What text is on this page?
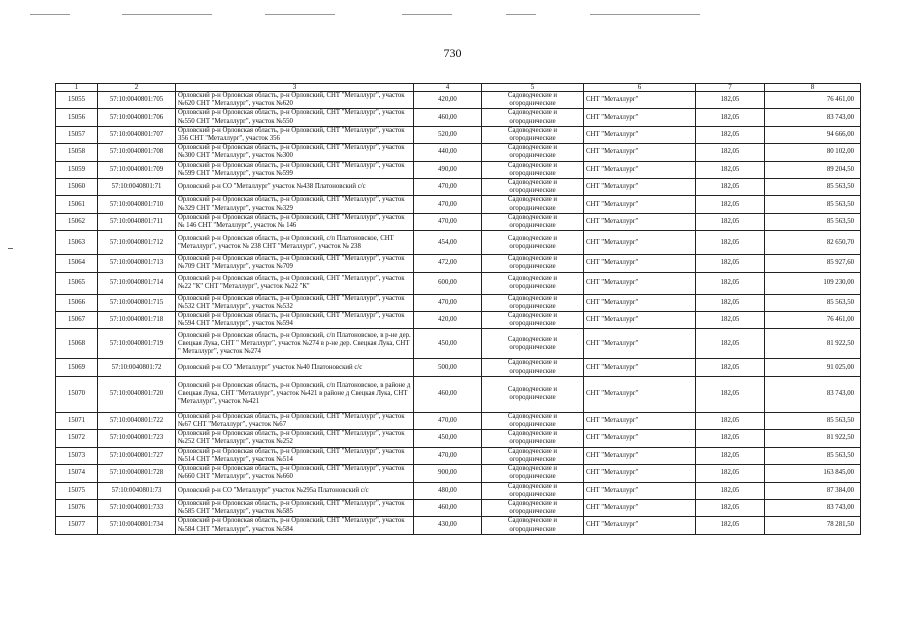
730
1	2	3	4	5	6	7	8
15055	57:10:0040801:705	Орловский р-н Орловская область, р-н Орловский, СНТ "Металлург", участок №620 СНТ "Металлург", участок №620	420,00	Садоводческие и огороднические	СНТ "Металлург"	182,05	76 461,00
15056	57:10:0040801:706	Орловский р-н Орловская область, р-н Орловский, СНТ "Металлург", участок №550 СНТ "Металлург", участок №550	460,00	Садоводческие и огороднические	СНТ "Металлург"	182,05	83 743,00
15057	57:10:0040801:707	Орловский р-н Орловская область, р-н Орловский, СНТ "Металлург", участок 356 СНТ "Металлург", участок 356	520,00	Садоводческие и огороднические	СНТ "Металлург"	182,05	94 666,00
15058	57:10:0040801:708	Орловский р-н Орловская область, р-н Орловский, СНТ "Металлург", участок №300 СНТ "Металлург", участок №300	440,00	Садоводческие и огороднические	СНТ "Металлург"	182,05	80 102,00
15059	57:10:0040801:709	Орловский р-н Орловская область, р-н Орловский, СНТ "Металлург", участок №599 СНТ "Металлург", участок №599	490,00	Садоводческие и огороднические	СНТ "Металлург"	182,05	89 204,50
15060	57:10:0040801:71	Орловский р-н СО "Металлург" участок №438 Платоновский с/с	470,00	Садоводческие и огороднические	СНТ "Металлург"	182,05	85 563,50
15061	57:10:0040801:710	Орловский р-н Орловская область, р-н Орловский, СНТ "Металлург", участок №329 СНТ "Металлург", участок №329	470,00	Садоводческие и огороднические	СНТ "Металлург"	182,05	85 563,50
15062	57:10:0040801:711	Орловский р-н Орловская область, р-н Орловский, СНТ "Металлург", участок № 146 СНТ "Металлург", участок № 146	470,00	Садоводческие и огороднические	СНТ "Металлург"	182,05	85 563,50
15063	57:10:0040801:712	Орловский р-н Орловская область, р-н Орловский, с/п Платоновское, СНТ "Металлург", участок № 238 СНТ "Металлург", участок № 238	454,00	Садоводческие и огороднические	СНТ "Металлург"	182,05	82 650,70
15064	57:10:0040801:713	Орловский р-н Орловская область, р-н Орловский, СНТ "Металлург", участок №709 СНТ "Металлург", участок №709	472,00	Садоводческие и огороднические	СНТ "Металлург"	182,05	85 927,60
15065	57:10:0040801:714	Орловский р-н Орловская область, р-н Орловский, СНТ "Металлург", участок №22 "К" СНТ "Металлург", участок №22 "К"	600,00	Садоводческие и огороднические	СНТ "Металлург"	182,05	109 230,00
15066	57:10:0040801:715	Орловский р-н Орловская область, р-н Орловский, СНТ "Металлург", участок №532 СНТ "Металлург", участок №532	470,00	Садоводческие и огороднические	СНТ "Металлург"	182,05	85 563,50
15067	57:10:0040801:718	Орловский р-н Орловская область, р-н Орловский, СНТ "Металлург", участок №594 СНТ "Металлург", участок №594	420,00	Садоводческие и огороднические	СНТ "Металлург"	182,05	76 461,00
15068	57:10:0040801:719	Орловский р-н Орловская область, р-н Орловский, с/п Платоновское, в р-не дер. Свецкая Лука, СНТ " Металлург", участок №274 в р-не дер. Свецкая Лука, СНТ " Металлург", участок №274	450,00	Садоводческие и огороднические	СНТ "Металлург"	182,05	81 922,50
15069	57:10:0040801:72	Орловский р-н СО "Металлург" участок №40 Платоновский с/с	500,00	Садоводческие и огороднические	СНТ "Металлург"	182,05	91 025,00
15070	57:10:0040801:720	Орловский р-н Орловская область, р-н Орловский, с/п Платоновское, в районе д Свецкая Лука, СНТ "Металлург", участок №421 в районе д Свецкая Лука, СНТ "Металлург", участок №421	460,00	Садоводческие и огороднические	СНТ "Металлург"	182,05	83 743,00
15071	57:10:0040801:722	Орловский р-н Орловская область, р-н Орловский, СНТ "Металлург", участок №67 СНТ "Металлург", участок №67	470,00	Садоводческие и огороднические	СНТ "Металлург"	182,05	85 563,50
15072	57:10:0040801:723	Орловский р-н Орловская область, р-н Орловский, СНТ "Металлург", участок №252 СНТ "Металлург", участок №252	450,00	Садоводческие и огороднические	СНТ "Металлург"	182,05	81 922,50
15073	57:10:0040801:727	Орловский р-н Орловская область, р-н Орловский, СНТ "Металлург", участок №514 СНТ "Металлург", участок №514	470,00	Садоводческие и огороднические	СНТ "Металлург"	182,05	85 563,50
15074	57:10:0040801:728	Орловский р-н Орловская область, р-н Орловский, СНТ "Металлург", участок №660 СНТ "Металлург", участок №660	900,00	Садоводческие и огороднические	СНТ "Металлург"	182,05	163 845,00
15075	57:10:0040801:73	Орловский р-н СО "Металлург" участок №295а Платоновский с/с	480,00	Садоводческие и огороднические	СНТ "Металлург"	182,05	87 384,00
15076	57:10:0040801:733	Орловский р-н Орловская область, р-н Орловский, СНТ "Металлург", участок №585 СНТ "Металлург", участок №585	460,00	Садоводческие и огороднические	СНТ "Металлург"	182,05	83 743,00
15077	57:10:0040801:734	Орловский р-н Орловская область, р-н Орловский, СНТ "Металлург", участок №584 СНТ "Металлург", участок №584	430,00	Садоводческие и огороднические	СНТ "Металлург"	182,05	78 281,50
